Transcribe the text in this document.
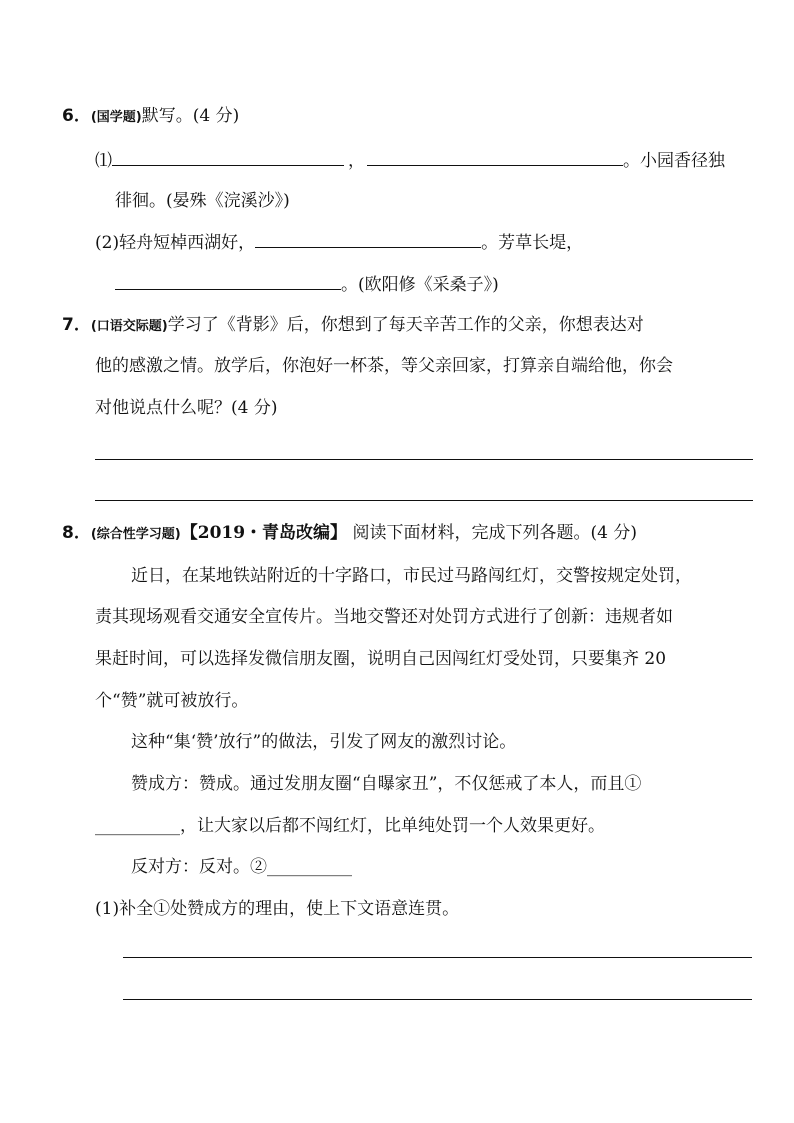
6．(国学题)默写。(4 分)
⑴	，	。小园香径独
徘徊。(晏殊《浣溪沙》)
(2)轻舟短棹西湖好，	。芳草长堤，
。(欧阳修《采桑子》)
7．(口语交际题)学习了《背影》后，你想到了每天辛苦工作的父亲，你想表达对
他的感激之情。放学后，你泡好一杯茶，等父亲回家，打算亲自端给他，你会
对他说点什么呢？(4 分)
8．(综合性学习题)【2019・青岛改编】 阅读下面材料，完成下列各题。(4 分)
近日，在某地铁站附近的十字路口，市民过马路闯红灯，交警按规定处罚，
责其现场观看交通安全宣传片。当地交警还对处罚方式进行了创新：违规者如
果赶时间，可以选择发微信朋友圈，说明自己因闯红灯受处罚，只要集齐 20
个“赞”就可被放行。
这种“集‘赞’放行”的做法，引发了网友的激烈讨论。
赞成方：赞成。通过发朋友圈“自曝家丑”，不仅惩戒了本人，而且①
__________，让大家以后都不闯红灯，比单纯处罚一个人效果更好。
反对方：反对。②__________
(1)补全①处赞成方的理由，使上下文语意连贯。
